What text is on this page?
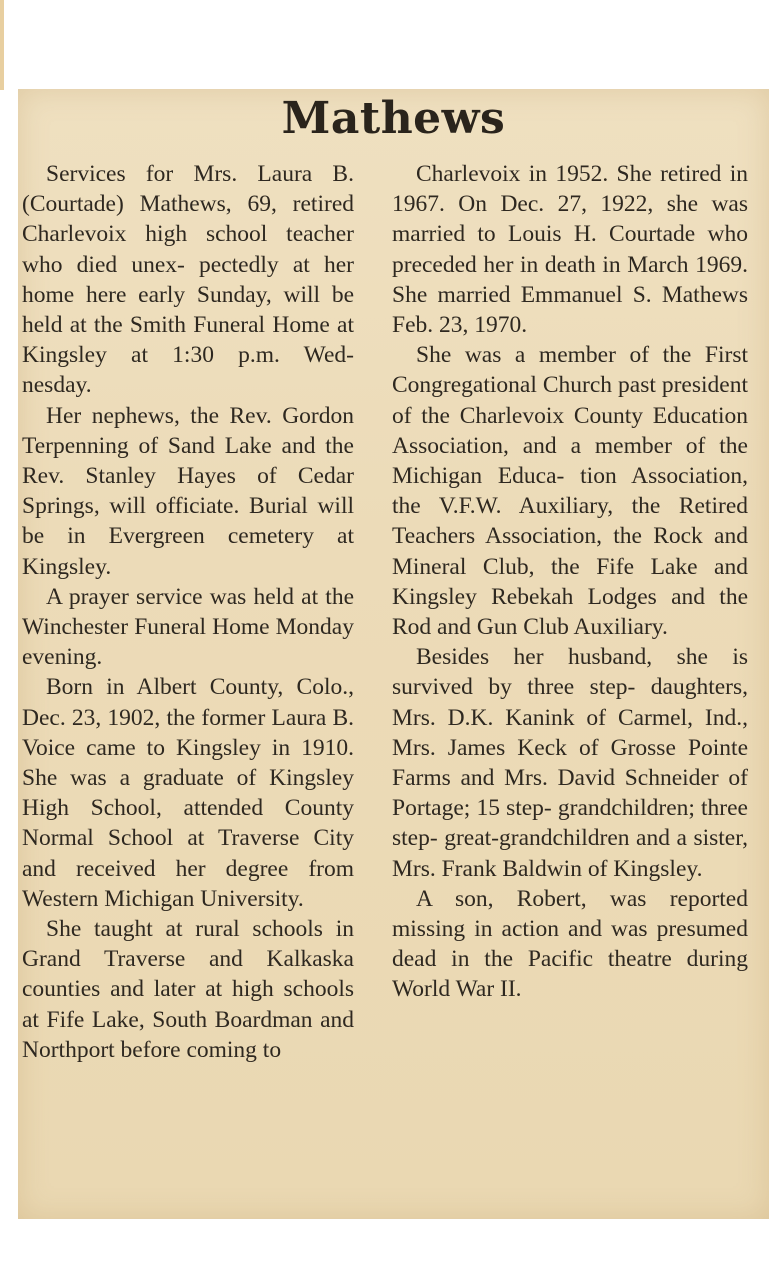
Mathews

Services for Mrs. Laura B. (Courtade) Mathews, 69, retired Charlevoix high school teacher who died unex- pectedly at her home here early Sunday, will be held at the Smith Funeral Home at Kingsley at 1:30 p.m. Wed- nesday.

Her nephews, the Rev. Gordon Terpenning of Sand Lake and the Rev. Stanley Hayes of Cedar Springs, will officiate. Burial will be in Evergreen cemetery at Kingsley.

A prayer service was held at the Winchester Funeral Home Monday evening.

Born in Albert County, Colo., Dec. 23, 1902, the former Laura B. Voice came to Kingsley in 1910. She was a graduate of Kingsley High School, attended County Normal School at Traverse City and received her degree from Western Michigan University.

She taught at rural schools in Grand Traverse and Kalkaska counties and later at high schools at Fife Lake, South Boardman and Northport before coming to

Charlevoix in 1952. She retired in 1967. On Dec. 27, 1922, she was married to Louis H. Courtade who preceded her in death in March 1969. She married Emmanuel S. Mathews Feb. 23, 1970.

She was a member of the First Congregational Church past president of the Charlevoix County Education Association, and a member of the Michigan Educa- tion Association, the V.F.W. Auxiliary, the Retired Teachers Association, the Rock and Mineral Club, the Fife Lake and Kingsley Rebekah Lodges and the Rod and Gun Club Auxiliary.

Besides her husband, she is survived by three step- daughters, Mrs. D.K. Kanink of Carmel, Ind., Mrs. James Keck of Grosse Pointe Farms and Mrs. David Schneider of Portage; 15 step- grandchildren; three step- great-grandchildren and a sister, Mrs. Frank Baldwin of Kingsley.

A son, Robert, was reported missing in action and was presumed dead in the Pacific theatre during World War II.
